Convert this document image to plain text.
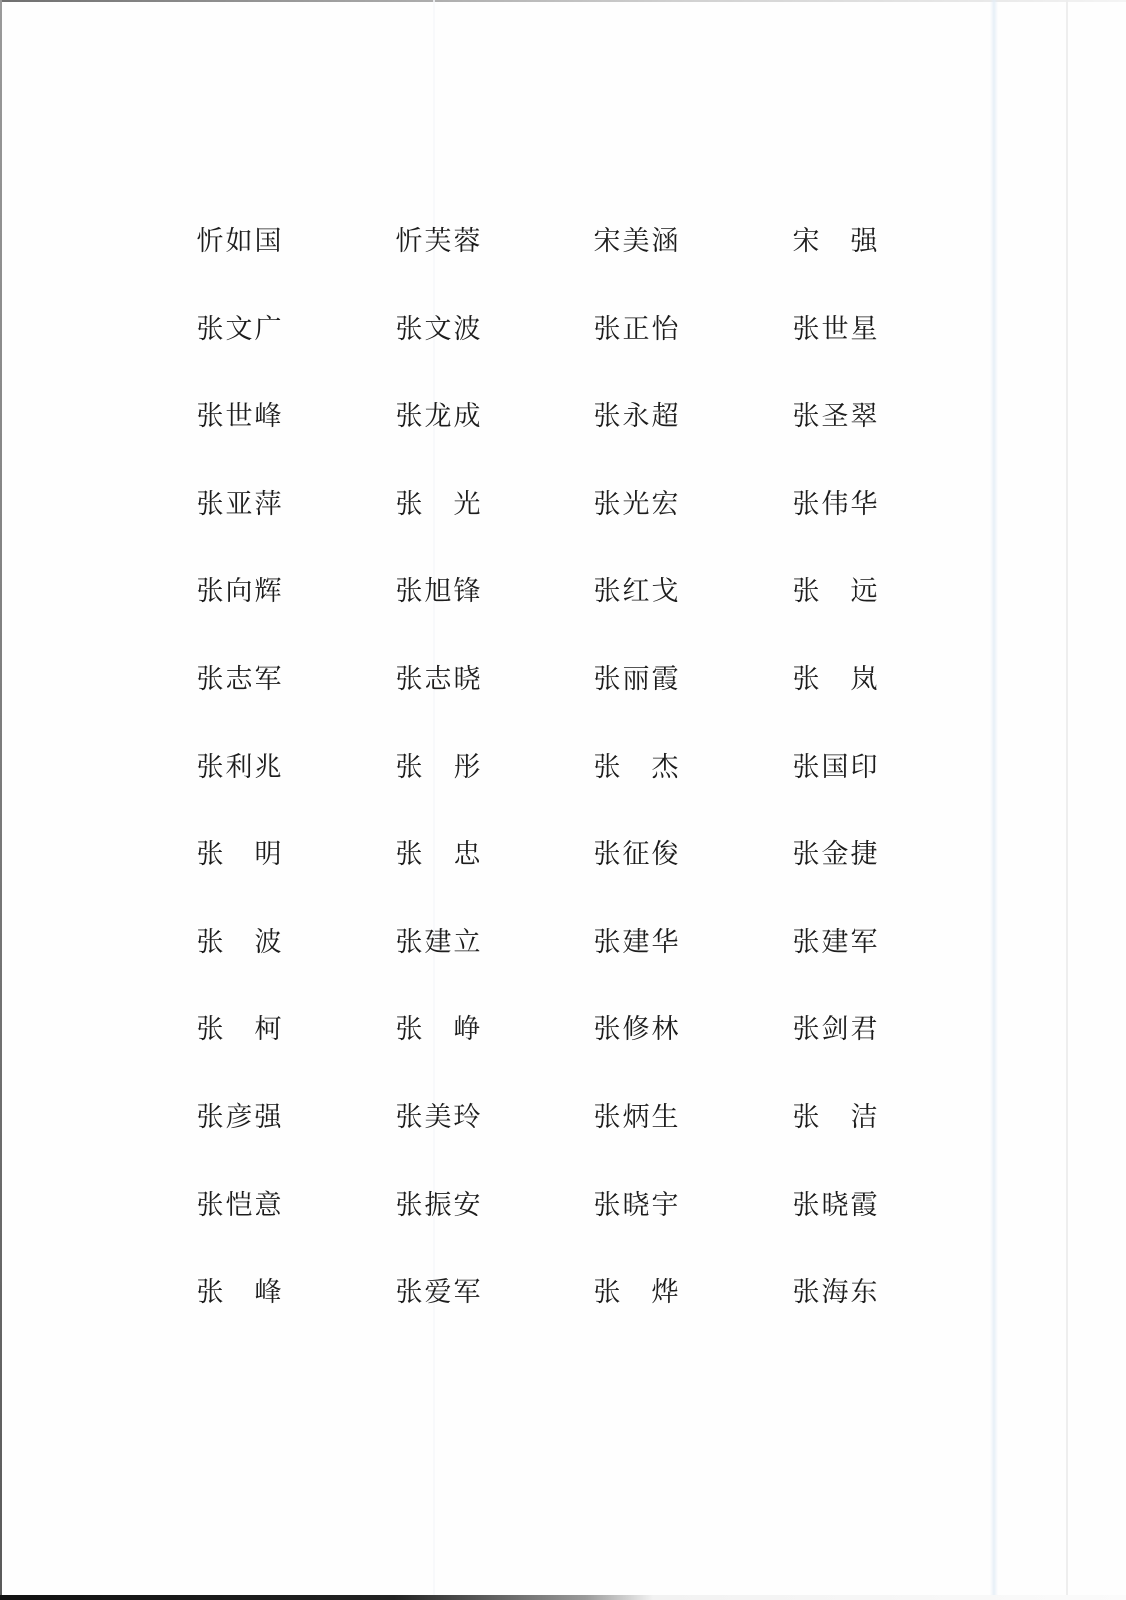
忻 如 国	忻 芙 蓉	宋 美 涵	宋 强
张 文 广	张 文 波	张 正 怡	张 世 星
张 世 峰	张 龙 成	张 永 超	张 圣 翠
张 亚 萍	张 光	张 光 宏	张 伟 华
张 向 辉	张 旭 锋	张 红 戈	张 远
张 志 军	张 志 晓	张 丽 霞	张 岚
张 利 兆	张 彤	张 杰	张 国 印
张 明	张 忠	张 征 俊	张 金 捷
张 波	张 建 立	张 建 华	张 建 军
张 柯	张 峥	张 修 林	张 剑 君
张 彦 强	张 美 玲	张 炳 生	张 洁
张 恺 意	张 振 安	张 晓 宇	张 晓 霞
张 峰	张 爱 军	张 烨	张 海 东
